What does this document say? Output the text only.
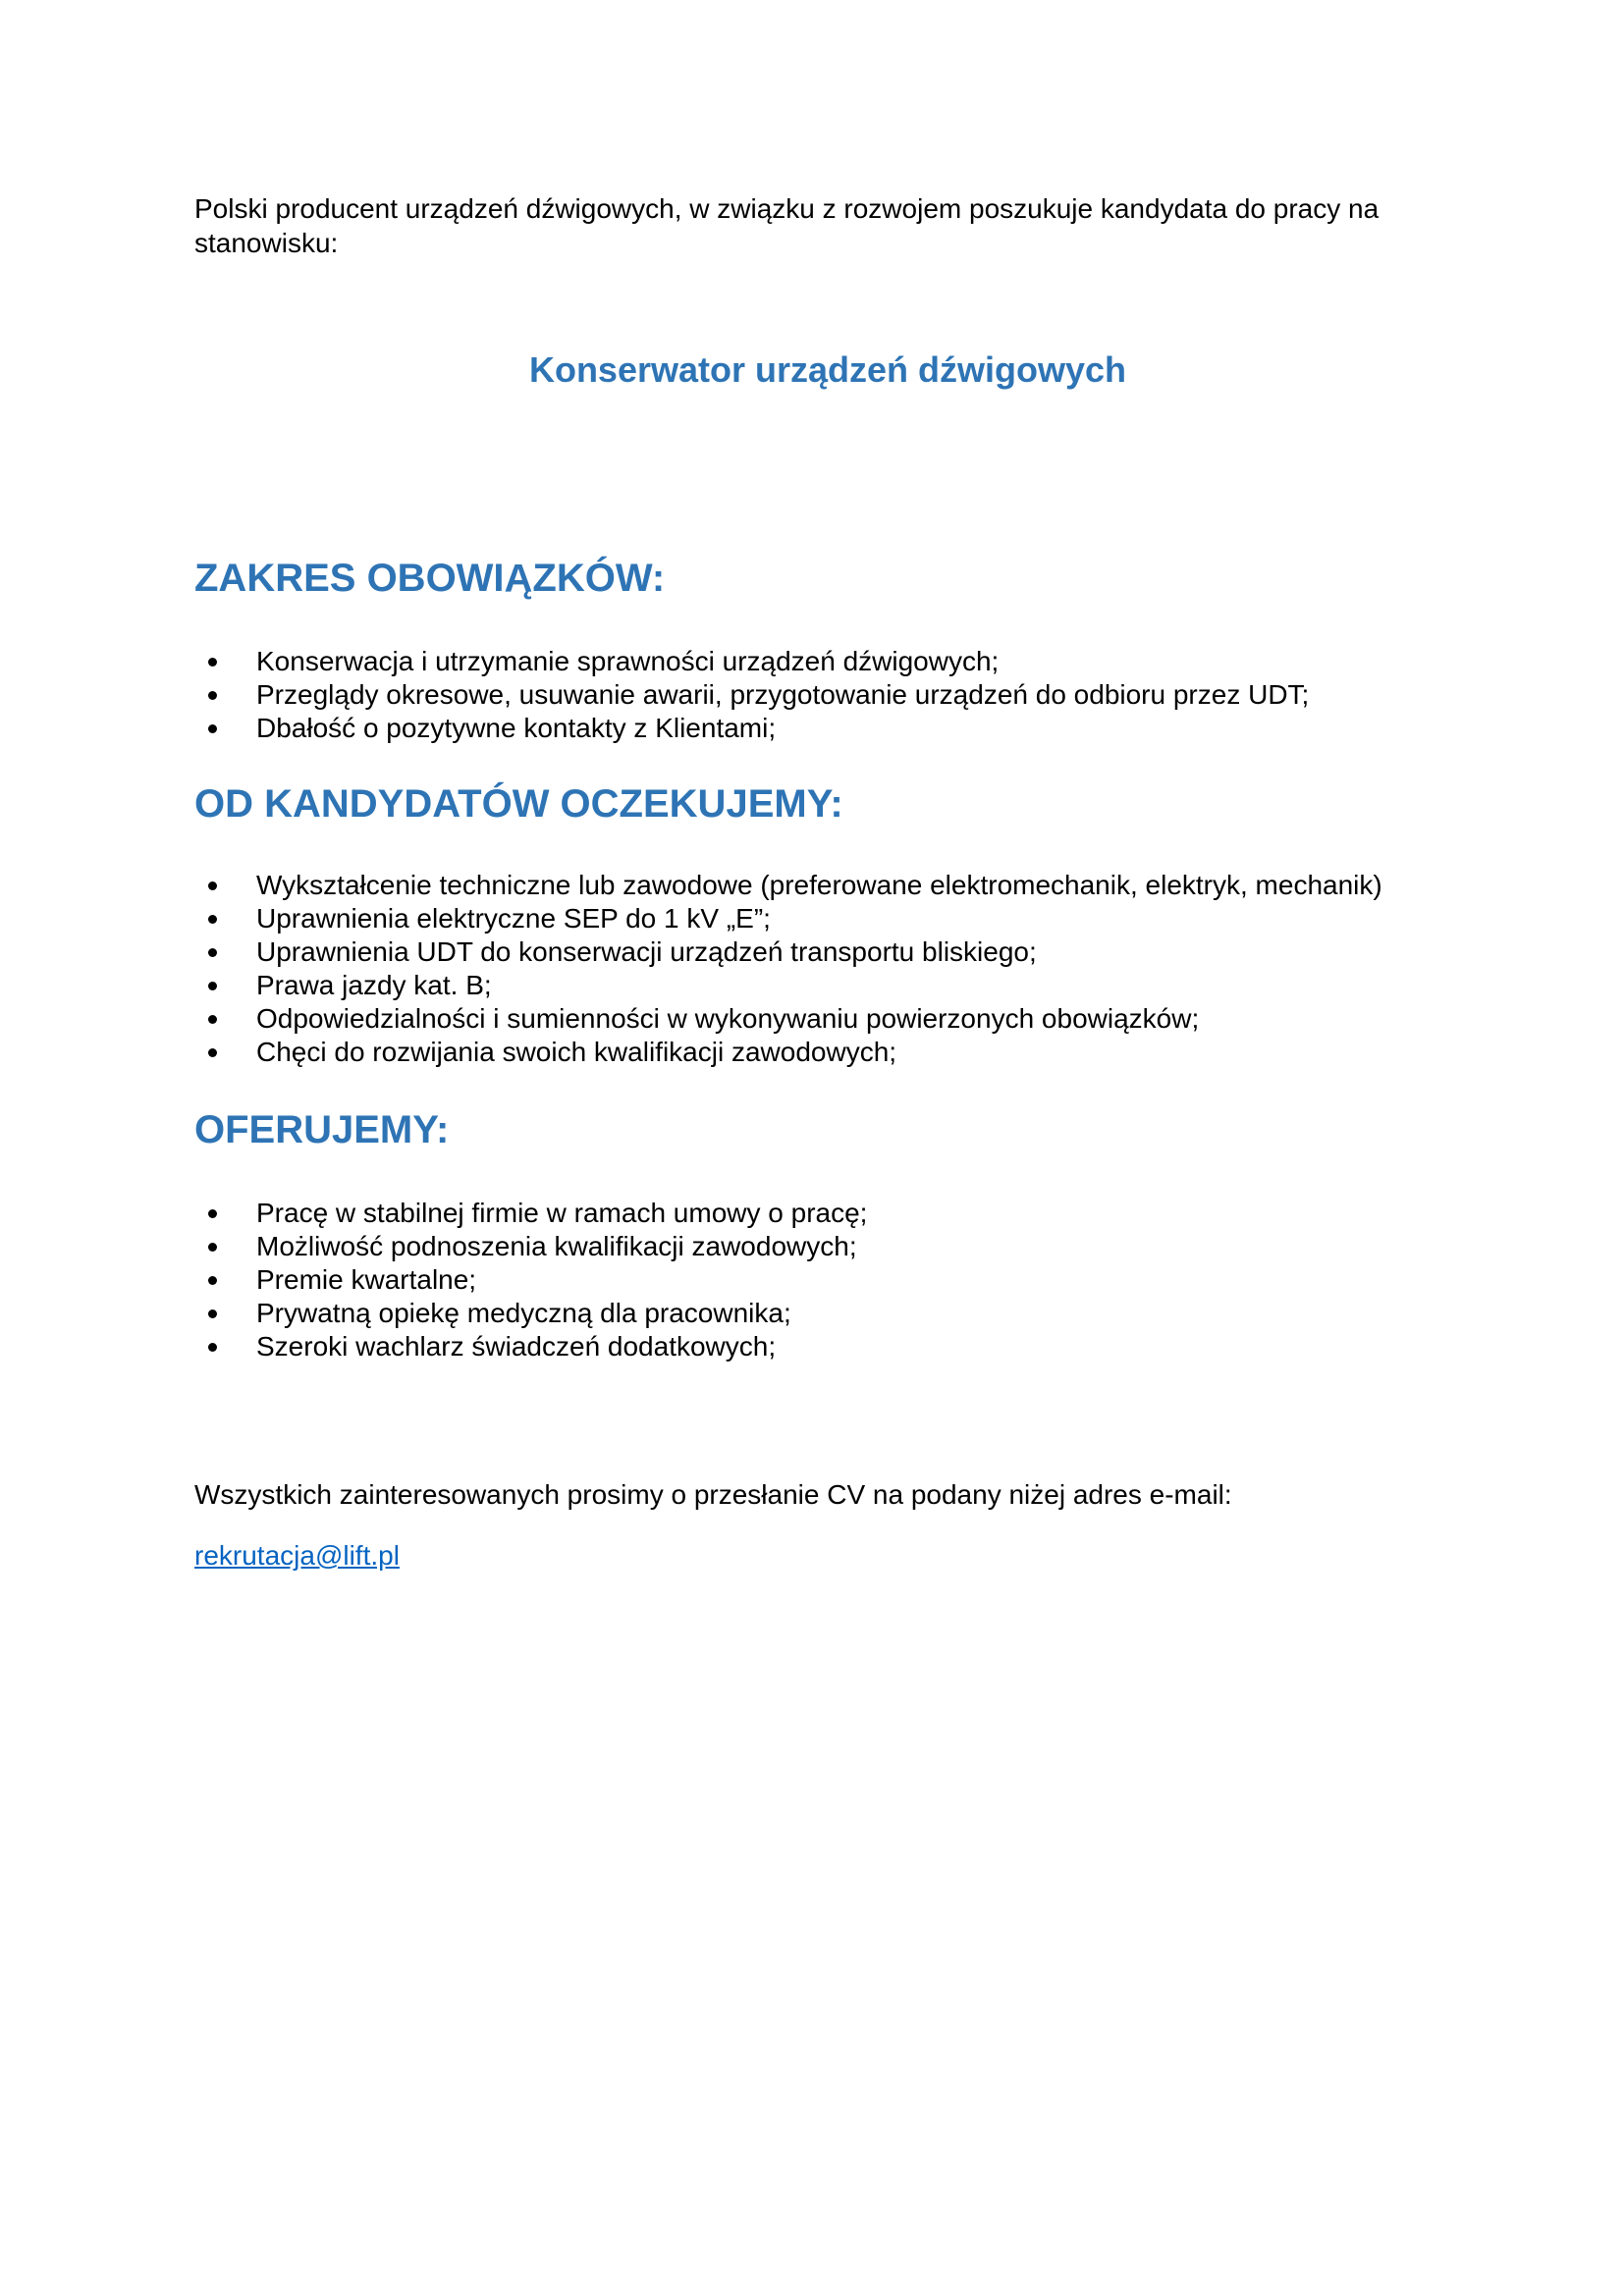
Polski producent urządzeń dźwigowych, w związku z rozwojem poszukuje kandydata do pracy na stanowisku:

Konserwator urządzeń dźwigowych
ZAKRES OBOWIĄZKÓW:
Konserwacja i utrzymanie sprawności urządzeń dźwigowych;
Przeglądy okresowe, usuwanie awarii, przygotowanie urządzeń do odbioru przez UDT;
Dbałość o pozytywne kontakty z Klientami;
OD KANDYDATÓW OCZEKUJEMY:
Wykształcenie techniczne lub zawodowe (preferowane elektromechanik, elektryk, mechanik)
Uprawnienia elektryczne SEP do 1 kV „E”;
Uprawnienia UDT do konserwacji urządzeń transportu bliskiego;
Prawa jazdy kat. B;
Odpowiedzialności i sumienności w wykonywaniu powierzonych obowiązków;
Chęci do rozwijania swoich kwalifikacji zawodowych;
OFERUJEMY:
Pracę w stabilnej firmie w ramach umowy o pracę;
Możliwość podnoszenia kwalifikacji zawodowych;
Premie kwartalne;
Prywatną opiekę medyczną dla pracownika;
Szeroki wachlarz świadczeń dodatkowych;

Wszystkich zainteresowanych prosimy o przesłanie CV na podany niżej adres e-mail:

rekrutacja@lift.pl
